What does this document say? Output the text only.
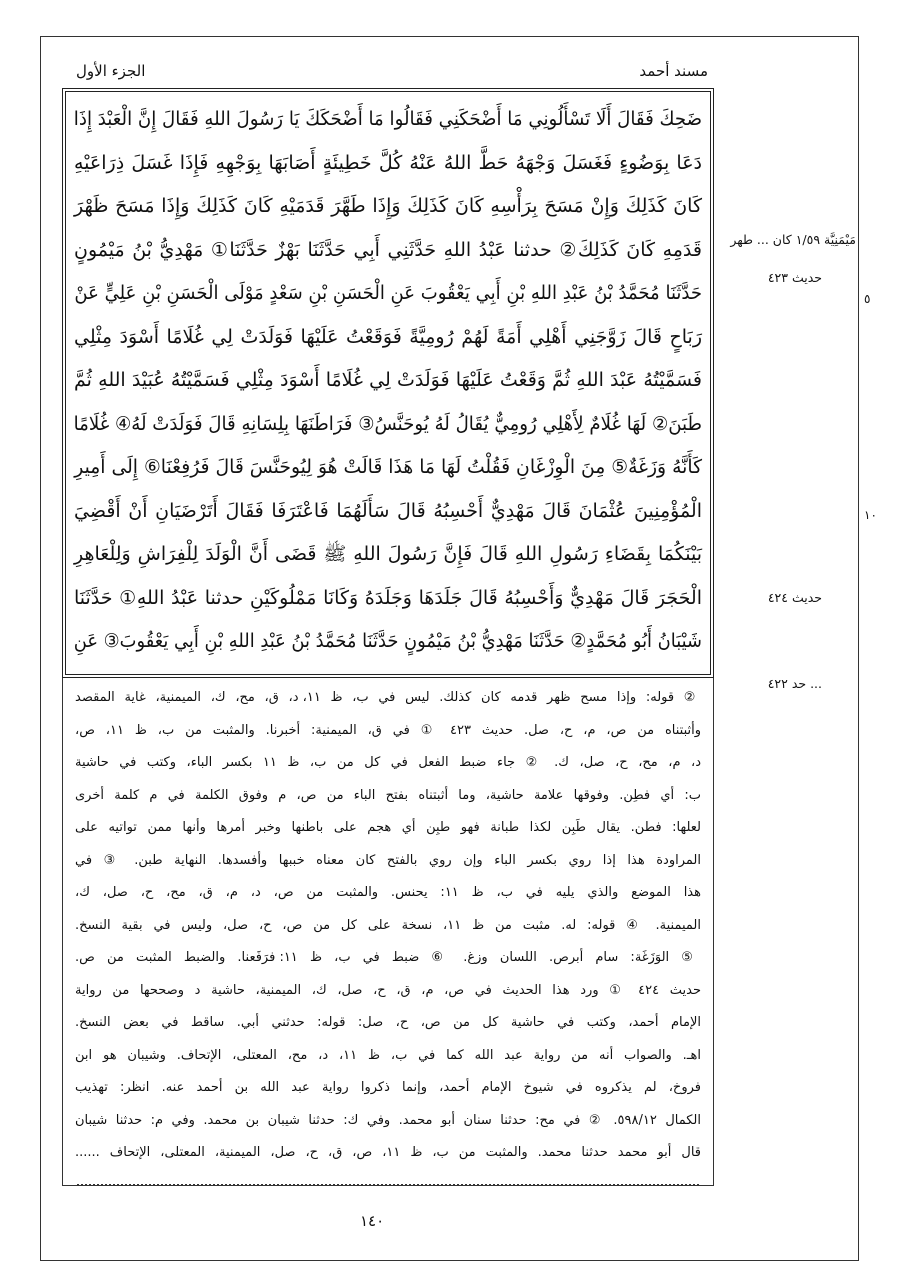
مسند أحمد
الجزء الأول
مَيْمَنِيَّة ١/٥٩ كان ... طهر
حديث ٤٢٣
حديث ٤٢٤
... حد ٤٢٢
٥
١٠
ضَحِكَ فَقَالَ أَلَا تَسْأَلُونِي مَا أَضْحَكَنِي فَقَالُوا مَا أَضْحَكَكَ يَا رَسُولَ اللهِ فَقَالَ إِنَّ الْعَبْدَ إِذَا
دَعَا بِوَضُوءٍ فَغَسَلَ وَجْهَهُ حَطَّ اللهُ عَنْهُ كُلَّ خَطِيئَةٍ أَصَابَهَا بِوَجْهِهِ فَإِذَا غَسَلَ ذِرَاعَيْهِ
كَانَ كَذَلِكَ وَإِنْ مَسَحَ بِرَأْسِهِ كَانَ كَذَلِكَ وَإِذَا طَهَّرَ قَدَمَيْهِ كَانَ كَذَلِكَ وَإِذَا مَسَحَ ظَهْرَ
قَدَمِهِ كَانَ كَذَلِكَ② حدثنا عَبْدُ اللهِ حَدَّثَنِي أَبِي حَدَّثَنَا بَهْزٌ حَدَّثَنَا① مَهْدِيُّ بْنُ مَيْمُونٍ
حَدَّثَنَا مُحَمَّدُ بْنُ عَبْدِ اللهِ بْنِ أَبِي يَعْقُوبَ عَنِ الْحَسَنِ بْنِ سَعْدٍ مَوْلَى الْحَسَنِ بْنِ عَلِيٍّ عَنْ
رَبَاحٍ قَالَ زَوَّجَنِي أَهْلِي أَمَةً لَهُمْ رُومِيَّةً فَوَقَعْتُ عَلَيْهَا فَوَلَدَتْ لِي غُلَامًا أَسْوَدَ مِثْلِي
فَسَمَّيْتُهُ عَبْدَ اللهِ ثُمَّ وَقَعْتُ عَلَيْهَا فَوَلَدَتْ لِي غُلَامًا أَسْوَدَ مِثْلِي فَسَمَّيْتُهُ عُبَيْدَ اللهِ ثُمَّ
طَبَنَ② لَهَا غُلَامٌ لِأَهْلِي رُومِيٌّ يُقَالُ لَهُ يُوحَنَّسُ③ فَرَاطَنَهَا بِلِسَانِهِ قَالَ فَوَلَدَتْ لَهُ④ غُلَامًا
كَأَنَّهُ وَزَغَةٌ⑤ مِنَ الْوِزْغَانِ فَقُلْتُ لَهَا مَا هَذَا قَالَتْ هُوَ لِيُوحَنَّسَ قَالَ فَرُفِعْنَا⑥ إِلَى أَمِيرِ
الْمُؤْمِنِينَ عُثْمَانَ قَالَ مَهْدِيٌّ أَحْسِبُهُ قَالَ سَأَلَهُمَا فَاعْتَرَفَا فَقَالَ أَتَرْضَيَانِ أَنْ أَقْضِيَ
بَيْنَكُمَا بِقَضَاءِ رَسُولِ اللهِ قَالَ فَإِنَّ رَسُولَ اللهِ ﷺ قَضَى أَنَّ الْوَلَدَ لِلْفِرَاشِ وَلِلْعَاهِرِ
الْحَجَرَ قَالَ مَهْدِيٌّ وَأَحْسِبُهُ قَالَ جَلَدَهَا وَجَلَدَهُ وَكَانَا مَمْلُوكَيْنِ حدثنا عَبْدُ اللهِ① حَدَّثَنَا
شَيْبَانُ أَبُو مُحَمَّدٍ② حَدَّثَنَا مَهْدِيُّ بْنُ مَيْمُونٍ حَدَّثَنَا مُحَمَّدُ بْنُ عَبْدِ اللهِ بْنِ أَبِي يَعْقُوبَ③ عَنِ
② قوله: وإذا مسح ظهر قدمه كان كذلك. ليس في ب، ظ ١١، د، ق، مح، ك، الميمنية، غاية المقصد
وأثبتناه من ص، م، ح، صل. حديث ٤٢٣ ① في ق، الميمنية: أخبرنا. والمثبت من ب، ظ ١١، ص،
د، م، مح، ح، صل، ك. ② جاء ضبط الفعل في كل من ب، ظ ١١ بكسر الباء، وكتب في حاشية
ب: أي فطِن. وفوقها علامة حاشية، وما أثبتناه بفتح الباء من ص، م وفوق الكلمة في م كلمة أخرى
لعلها: فطن. يقال طَبِن لكذا طبانة فهو طبِن أي هجم على باطنها وخبر أمرها وأنها ممن تواتيه على
المراودة هذا إذا روي بكسر الباء وإن روي بالفتح كان معناه خببها وأفسدها. النهاية طبن. ③ في
هذا الموضع والذي يليه في ب، ظ ١١: يحنس. والمثبت من ص، د، م، ق، مح، ح، صل، ك،
الميمنية. ④ قوله: له. مثبت من ظ ١١، نسخة على كل من ص، ح، صل، وليس في بقية النسخ.
⑤ الوَزَغَة: سام أبرص. اللسان وزغ. ⑥ ضبط في ب، ظ ١١: فرَفَعنا. والضبط المثبت من ص.
حديث ٤٢٤ ① ورد هذا الحديث في ص، م، ق، ح، صل، ك، الميمنية، حاشية د وصححها من رواية
الإمام أحمد، وكتب في حاشية كل من ص، ح، صل: قوله: حدثني أبي. ساقط في بعض النسخ.
اهـ. والصواب أنه من رواية عبد الله كما في ب، ظ ١١، د، مح، المعتلى، الإتحاف. وشيبان هو ابن
فروخ، لم يذكروه في شيوخ الإمام أحمد، وإنما ذكروا رواية عبد الله بن أحمد عنه. انظر: تهذيب
الكمال ٥٩٨/١٢. ② في مح: حدثنا سنان أبو محمد. وفي ك: حدثنا شيبان بن محمد. وفي م: حدثنا شيبان
قال أبو محمد حدثنا محمد. والمثبت من ب، ظ ١١، ص، ق، ح، صل، الميمنية، المعتلى، الإتحاف ......
١٤٠
